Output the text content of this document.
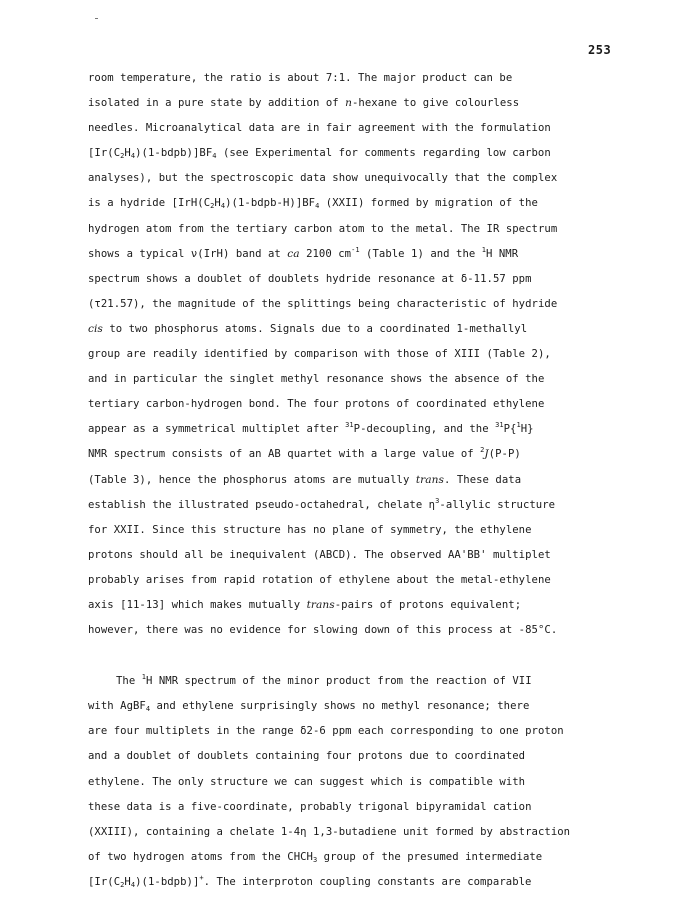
253
room temperature, the ratio is about 7:1. The major product can be
isolated in a pure state by addition of n-hexane to give colourless
needles. Microanalytical data are in fair agreement with the formulation
$[Ir(C_2H_4)(1-bdpb)]BF_4$ (see Experimental for comments regarding low carbon
analyses), but the spectroscopic data show unequivocally that the complex
is a hydride $[IrH(C_2H_4)(1-bdpb-H)]BF_4$ (XXII) formed by migration of the
hydrogen atom from the tertiary carbon atom to the metal. The IR spectrum
shows a typical ν(IrH) band at ca 2100 $cm^{-1}$ (Table 1) and the $^1$H NMR
spectrum shows a doublet of doublets hydride resonance at δ-11.57 ppm
(τ21.57), the magnitude of the splittings being characteristic of hydride
cis to two phosphorus atoms. Signals due to a coordinated 1-methallyl
group are readily identified by comparison with those of XIII (Table 2),
and in particular the singlet methyl resonance shows the absence of the
tertiary carbon-hydrogen bond. The four protons of coordinated ethylene
appear as a symmetrical multiplet after $^{31}$P-decoupling, and the $^{31}$P{$^1$H}
NMR spectrum consists of an AB quartet with a large value of $^2$J(P-P)
(Table 3), hence the phosphorus atoms are mutually trans. These data
establish the illustrated pseudo-octahedral, chelate $\eta^3$-allylic structure
for XXII. Since this structure has no plane of symmetry, the ethylene
protons should all be inequivalent (ABCD). The observed AA'BB' multiplet
probably arises from rapid rotation of ethylene about the metal-ethylene
axis [11-13] which makes mutually trans-pairs of protons equivalent;
however, there was no evidence for slowing down of this process at -85°C.
The $^1$H NMR spectrum of the minor product from the reaction of VII
with AgBF$_4$ and ethylene surprisingly shows no methyl resonance; there
are four multiplets in the range δ2-6 ppm each corresponding to one proton
and a doublet of doublets containing four protons due to coordinated
ethylene. The only structure we can suggest which is compatible with
these data is a five-coordinate, probably trigonal bipyramidal cation
(XXIII), containing a chelate 1-4η 1,3-butadiene unit formed by abstraction
of two hydrogen atoms from the $CHCH_3$ group of the presumed intermediate
$[Ir(C_2H_4)(1-bdpb)]^+$. The interproton coupling constants are comparable
